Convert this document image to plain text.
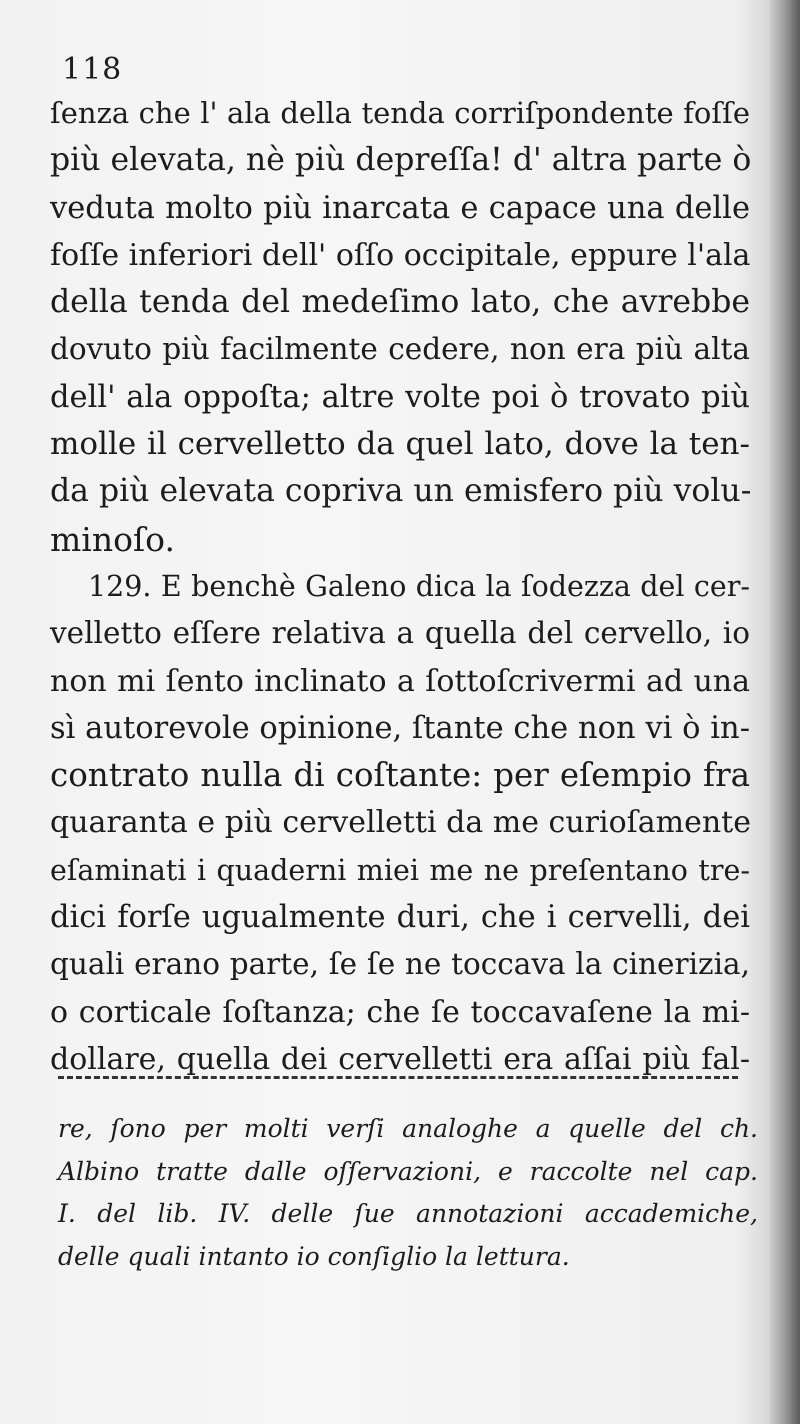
118
ſenza che l' ala della tenda corriſpondente foſſe
più elevata, nè più depreſſa! d' altra parte ò
veduta molto più inarcata e capace una delle
foſſe inferiori dell' oſſo occipitale, eppure l'ala
della tenda del medeſimo lato, che avrebbe
dovuto più facilmente cedere, non era più alta
dell' ala oppoſta; altre volte poi ò trovato più
molle il cervelletto da quel lato, dove la ten-
da più elevata copriva un emisfero più volu-
minoſo.
129. E benchè Galeno dica la ſodezza del cer-
velletto eſſere relativa a quella del cervello, io
non mi ſento inclinato a ſottoſcrivermi ad una
sì autorevole opinione, ſtante che non vi ò in-
contrato nulla di coſtante: per eſempio fra
quaranta e più cervelletti da me curioſamente
eſaminati i quaderni miei me ne preſentano tre-
dici forſe ugualmente duri, che i cervelli, dei
quali erano parte, ſe ſe ne toccava la cinerizia,
o corticale ſoſtanza; che ſe toccavaſene la mi-
dollare, quella dei cervelletti era aſſai più fal-
re, ſono per molti verſi analoghe a quelle del ch.
Albino tratte dalle oſſervazioni, e raccolte nel cap.
I. del lib. IV. delle ſue annotazioni accademiche,
delle quali intanto io conſiglio la lettura.
